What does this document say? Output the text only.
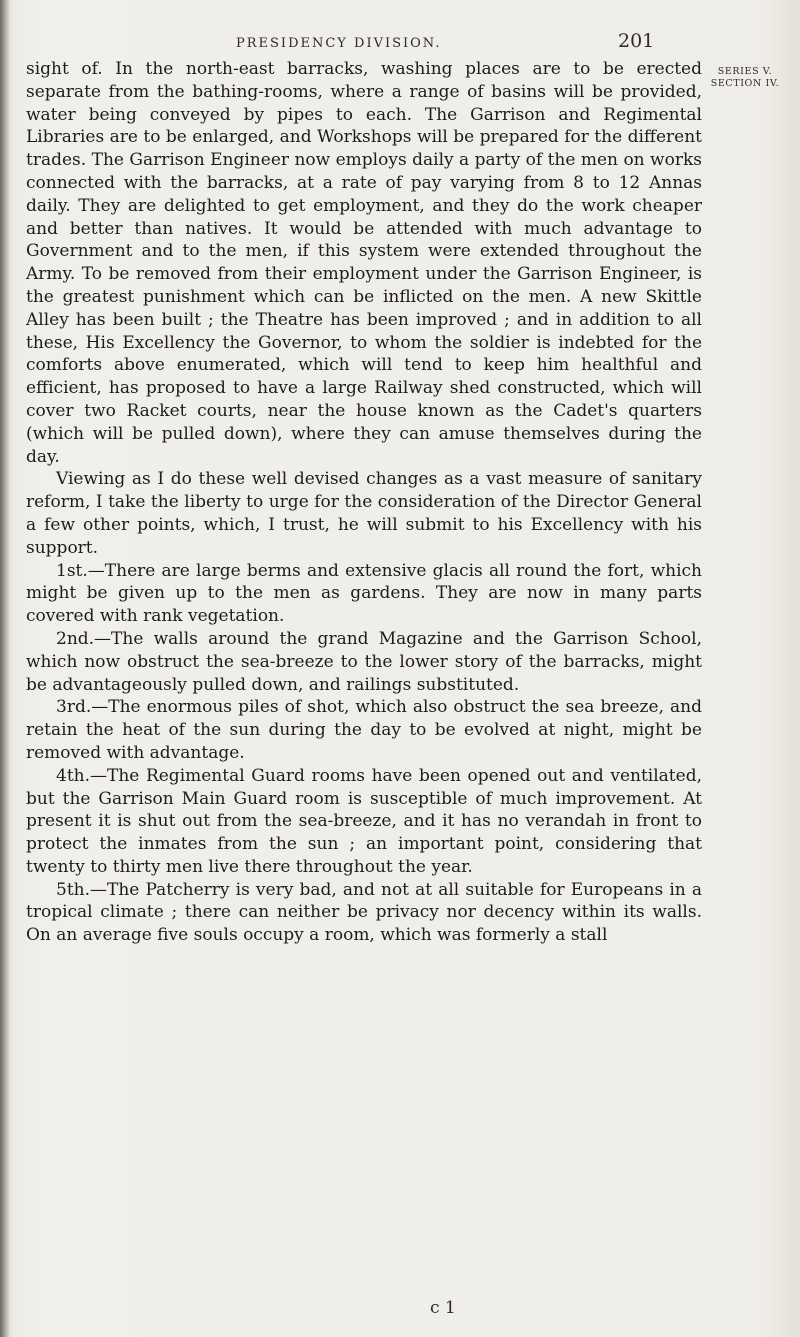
PRESIDENCY DIVISION.	201
SERIES V.
SECTION IV.

sight of. In the north-east barracks, washing places are to be erected separate from the bathing-rooms, where a range of basins will be provided, water being conveyed by pipes to each. The Garrison and Regimental Libraries are to be enlarged, and Workshops will be prepared for the different trades. The Garrison Engineer now employs daily a party of the men on works connected with the barracks, at a rate of pay varying from 8 to 12 Annas daily. They are delighted to get employment, and they do the work cheaper and better than natives. It would be attended with much advantage to Government and to the men, if this system were extended throughout the Army. To be removed from their employment under the Garrison Engineer, is the greatest punishment which can be inflicted on the men. A new Skittle Alley has been built ; the Theatre has been improved ; and in addition to all these, His Excellency the Governor, to whom the soldier is indebted for the comforts above enumerated, which will tend to keep him healthful and efficient, has proposed to have a large Railway shed constructed, which will cover two Racket courts, near the house known as the Cadet's quarters (which will be pulled down), where they can amuse themselves during the day.

Viewing as I do these well devised changes as a vast measure of sanitary reform, I take the liberty to urge for the consideration of the Director General a few other points, which, I trust, he will submit to his Excellency with his support.

1st.—There are large berms and extensive glacis all round the fort, which might be given up to the men as gardens. They are now in many parts covered with rank vegetation.

2nd.—The walls around the grand Magazine and the Garrison School, which now obstruct the sea-breeze to the lower story of the barracks, might be advantageously pulled down, and railings substituted.

3rd.—The enormous piles of shot, which also obstruct the sea breeze, and retain the heat of the sun during the day to be evolved at night, might be removed with advantage.

4th.—The Regimental Guard rooms have been opened out and ventilated, but the Garrison Main Guard room is susceptible of much improvement. At present it is shut out from the sea-breeze, and it has no verandah in front to protect the inmates from the sun ; an important point, considering that twenty to thirty men live there throughout the year.

5th.—The Patcherry is very bad, and not at all suitable for Europeans in a tropical climate ; there can neither be privacy nor decency within its walls. On an average five souls occupy a room, which was formerly a stall

c 1
